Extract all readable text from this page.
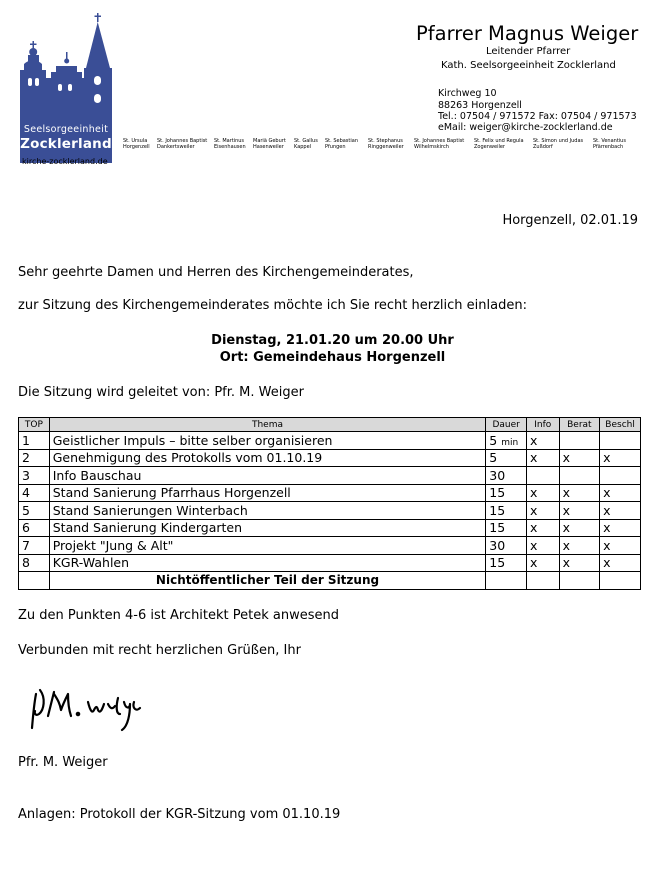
Seelsorgeeinheit
Zocklerland
kirche-zocklerland.de
St. Ursula
Horgenzell
St. Johannes Baptist
Dankertsweiler
St. Martinus
Eisenhausen
Mariä Geburt
Hasenweiler
St. Gallus
Kappel
St. Sebastian
Pfungen
St. Stephanus
Ringgenweiler
St. Johannes Baptist
Wilhelmskirch
St. Felix und Regula
Zogenweiler
St. Simon und Judas
Zußdorf
St. Venantius
Pfärrenbach
Pfarrer Magnus Weiger
Leitender Pfarrer
Kath. Seelsorgeeinheit Zocklerland
Kirchweg 10
88263 Horgenzell
Tel.: 07504 / 971572 Fax: 07504 / 971573
eMail: weiger@kirche-zocklerland.de
Horgenzell, 02.01.19
Sehr geehrte Damen und Herren des Kirchengemeinderates,
zur Sitzung des Kirchengemeinderates möchte ich Sie recht herzlich einladen:
Dienstag, 21.01.20 um 20.00 Uhr
Ort: Gemeindehaus Horgenzell
Die Sitzung wird geleitet von: Pfr. M. Weiger
TOP	Thema	Dauer	Info	Berat	Beschl
1	Geistlicher Impuls – bitte selber organisieren	5 min	x		
2	Genehmigung des Protokolls vom 01.10.19	5	x	x	x
3	Info Bauschau	30			
4	Stand Sanierung Pfarrhaus Horgenzell	15	x	x	x
5	Stand Sanierungen Winterbach	15	x	x	x
6	Stand Sanierung Kindergarten	15	x	x	x
7	Projekt "Jung & Alt"	30	x	x	x
8	KGR-Wahlen	15	x	x	x
	Nichtöffentlicher Teil der Sitzung				
Zu den Punkten 4-6 ist Architekt Petek anwesend
Verbunden mit recht herzlichen Grüßen, Ihr
Pfr. M. Weiger
Anlagen: Protokoll der KGR-Sitzung vom 01.10.19
